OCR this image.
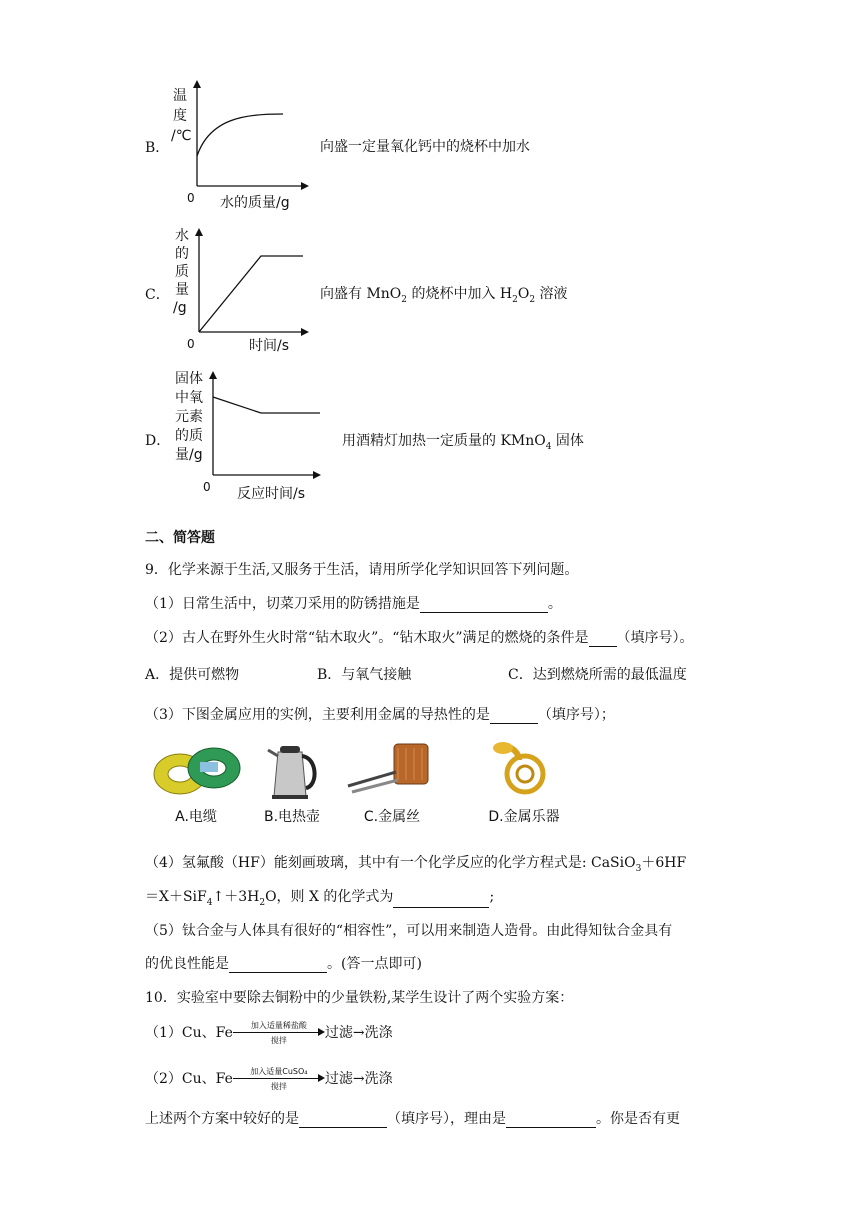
B．
温
度
/℃
0 水的质量/g
向盛一定量氧化钙中的烧杯中加水
C．
水
的
质
量
/g
0	时间/s
向盛有 MnO$_2$ 的烧杯中加入 $H_2O_2$ 溶液
D．
固体
中氧
元素
的质
量/g
0 反应时间/s
用酒精灯加热一定质量的 KMnO$_4$ 固体
二、简答题
9．化学来源于生活,又服务于生活，请用所学化学知识回答下列问题。
（1）日常生活中，切菜刀采用的防锈措施是	。
（2）古人在野外生火时常“钻木取火”。“钻木取火”满足的燃烧的条件是 （填序号）。
A．提供可燃物	B．与氧气接触	C．达到燃烧所需的最低温度
（3）下图金属应用的实例，主要利用金属的导热性的是	（填序号）；
A.电缆	B.电热壶	C.金属丝	D.金属乐器
（4）氢氟酸（HF）能刻画玻璃，其中有一个化学反应的化学方程式是: CaSiO$_3$＋6HF
$=X+SiF_4↑+3H_2O$，则 X 的化学式为	;
（5）钛合金与人体具有很好的“相容性”，可以用来制造人造骨。由此得知钛合金具有
的优良性能是	。(答一点即可)
10．实验室中要除去铜粉中的少量铁粉,某学生设计了两个实验方案：
（1）Cu、Fe	加入适量稀盐酸
搅拌	过滤→洗涤
（2）Cu、Fe	加入适量CuSO₄
搅拌	过滤→洗涤
上述两个方案中较好的是	（填序号），理由是	。你是否有更
